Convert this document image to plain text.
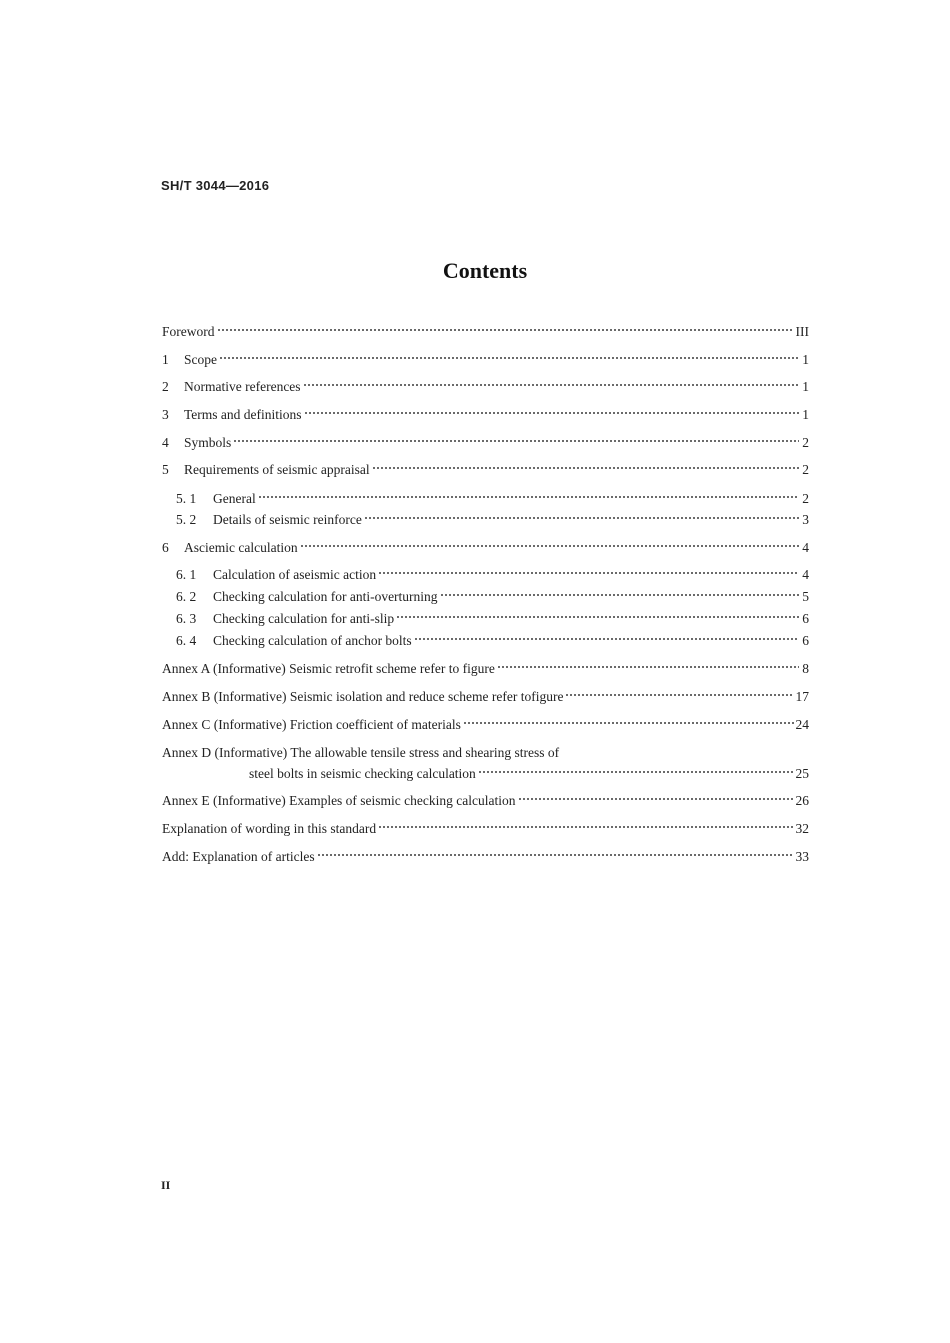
SH/T 3044—2016
Contents
Foreword	III
1	Scope	1
2	Normative references	1
3	Terms and definitions	1
4	Symbols	2
5	Requirements of seismic appraisal	2
5. 1	General	2
5. 2	Details of seismic reinforce	3
6	Asciemic calculation	4
6. 1	Calculation of aseismic action	4
6. 2	Checking calculation for anti-overturning	5
6. 3	Checking calculation for anti-slip	6
6. 4	Checking calculation of anchor bolts	6
Annex A (Informative) Seismic retrofit scheme refer to figure	8
Annex B (Informative) Seismic isolation and reduce scheme refer tofigure	17
Annex C (Informative) Friction coefficient of materials	24
Annex D (Informative) The allowable tensile stress and shearing stress of
steel bolts in seismic checking calculation	25
Annex E (Informative) Examples of seismic checking calculation	26
Explanation of wording in this standard	32
Add: Explanation of articles	33
II
